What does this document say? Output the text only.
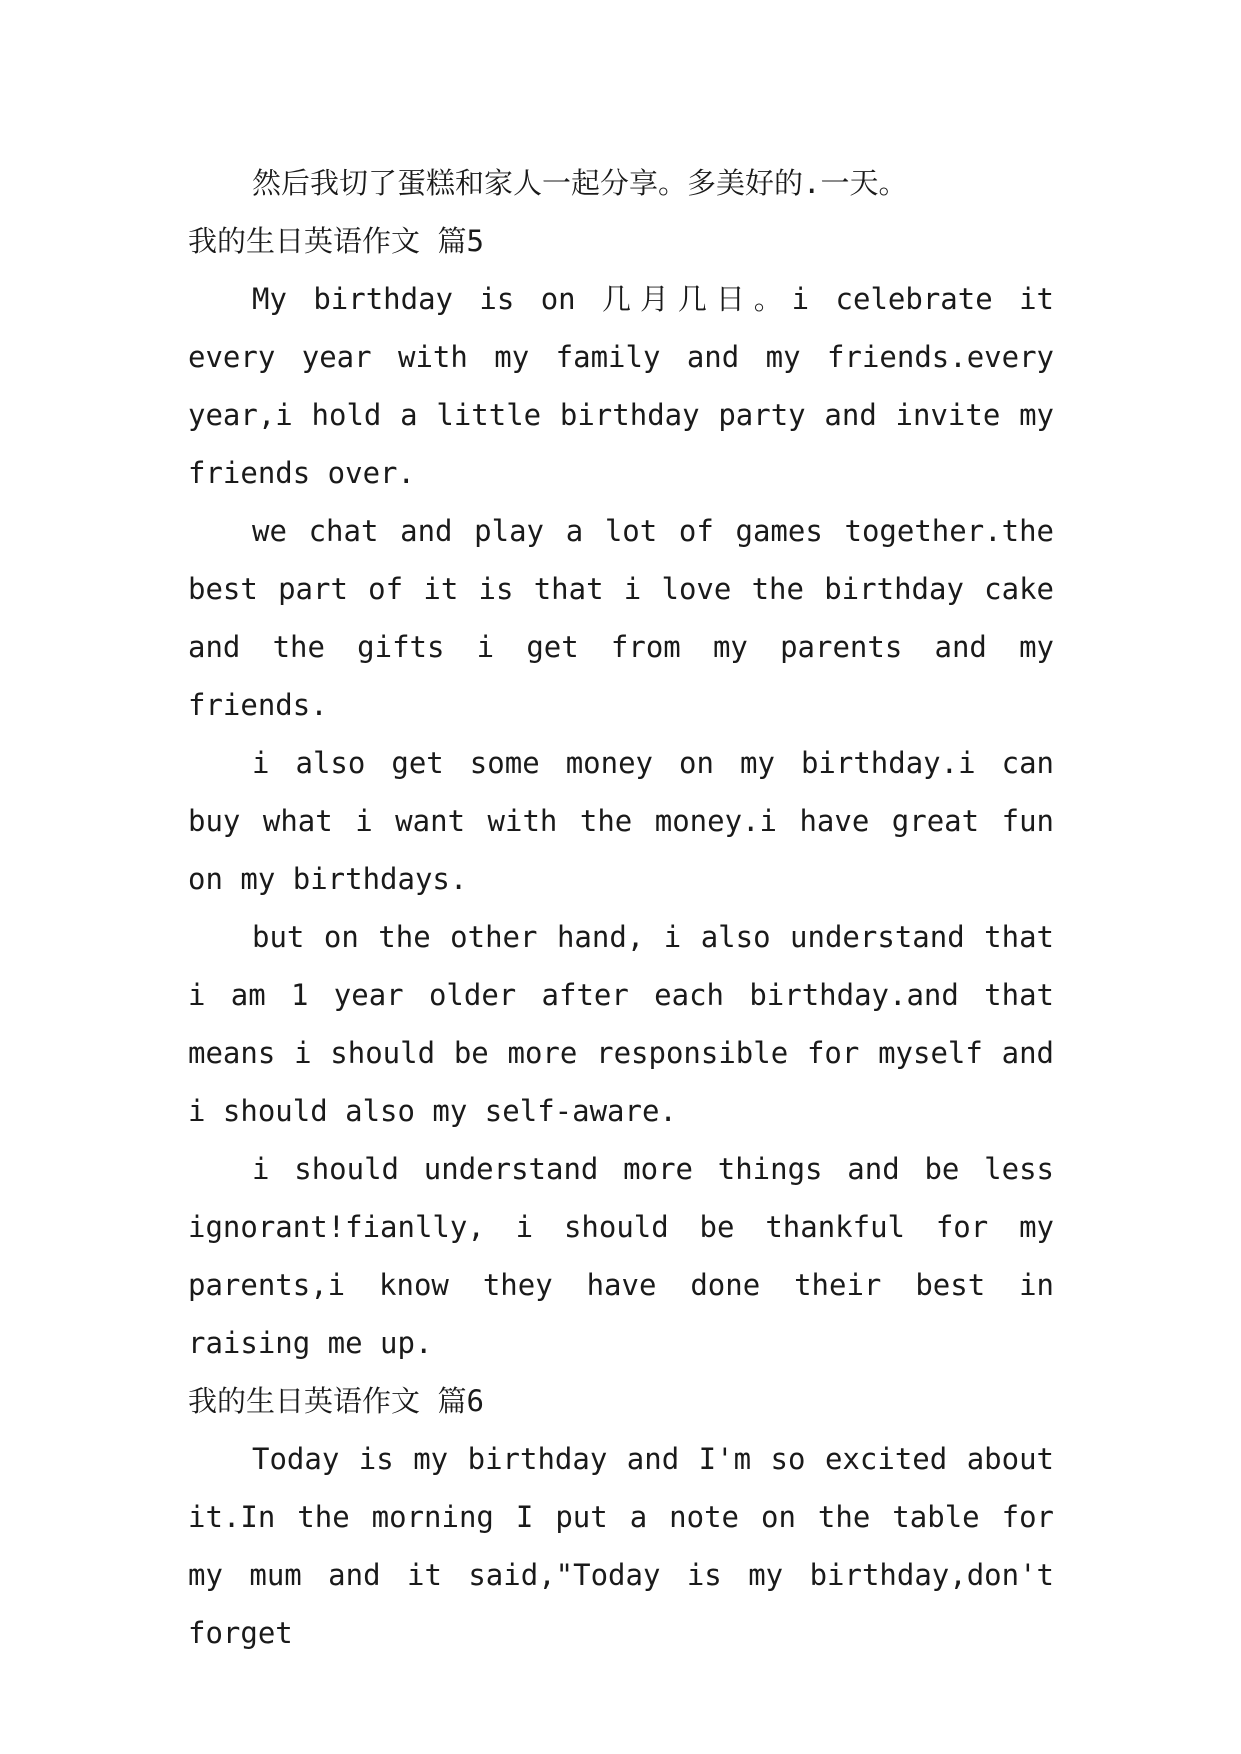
然后我切了蛋糕和家人一起分享。多美好的.一天。

我的生日英语作文 篇5

My birthday is on 几月几日。i celebrate it every year with my family and my friends.every year,i hold a little birthday party and invite my friends over.

we chat and play a lot of games together.the best part of it is that i love the birthday cake and the gifts i get from my parents and my friends.

i also get some money on my birthday.i can buy what i want with the money.i have great fun on my birthdays.

but on the other hand, i also understand that i am 1 year older after each birthday.and that means i should be more responsible for myself and i should also my self-aware.

i should understand more things and be less ignorant!fianlly, i should be thankful for my parents,i know they have done their best in raising me up.

我的生日英语作文 篇6

Today is my birthday and I'm so excited about it.In the morning I put a note on the table for my mum and it said,"Today is my birthday,don't forget
